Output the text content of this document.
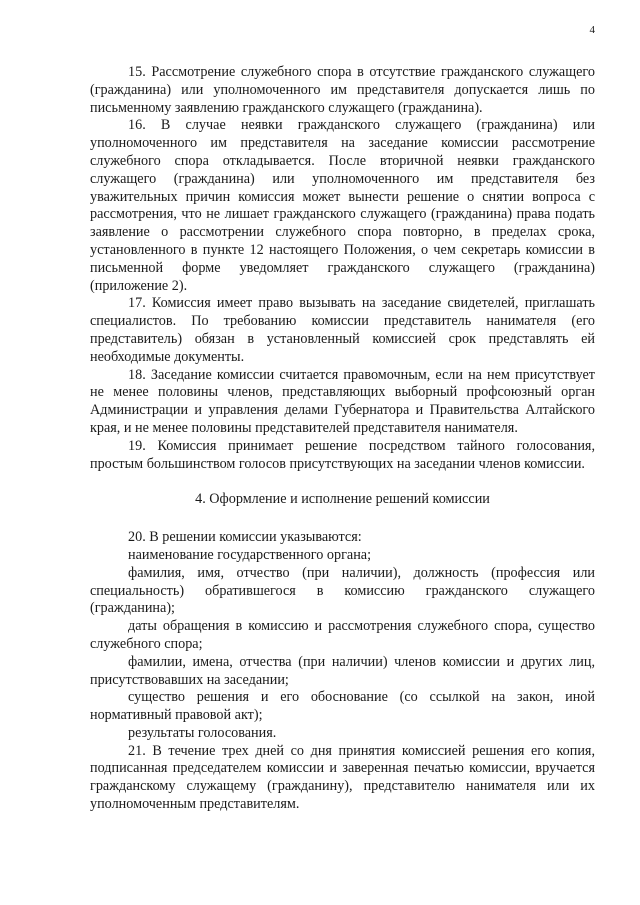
4

15. Рассмотрение служебного спора в отсутствие гражданского служащего (гражданина) или уполномоченного им представителя допускается лишь по письменному заявлению гражданского служащего (гражданина).

16. В случае неявки гражданского служащего (гражданина) или уполномоченного им представителя на заседание комиссии рассмотрение служебного спора откладывается. После вторичной неявки гражданского служащего (гражданина) или уполномоченного им представителя без уважительных причин комиссия может вынести решение о снятии вопроса с рассмотрения, что не лишает гражданского служащего (гражданина) права подать заявление о рассмотрении служебного спора повторно, в пределах срока, установленного в пункте 12 настоящего Положения, о чем секретарь комиссии в письменной форме уведомляет гражданского служащего (гражданина) (приложение 2).

17. Комиссия имеет право вызывать на заседание свидетелей, приглашать специалистов. По требованию комиссии представитель нанимателя (его представитель) обязан в установленный комиссией срок представлять ей необходимые документы.

18. Заседание комиссии считается правомочным, если на нем присутствует не менее половины членов, представляющих выборный профсоюзный орган Администрации и управления делами Губернатора и Правительства Алтайского края, и не менее половины представителей представителя нанимателя.

19. Комиссия принимает решение посредством тайного голосования, простым большинством голосов присутствующих на заседании членов комиссии.

4. Оформление и исполнение решений комиссии

20. В решении комиссии указываются:

наименование государственного органа;

фамилия, имя, отчество (при наличии), должность (профессия или специальность) обратившегося в комиссию гражданского служащего (гражданина);

даты обращения в комиссию и рассмотрения служебного спора, существо служебного спора;

фамилии, имена, отчества (при наличии) членов комиссии и других лиц, присутствовавших на заседании;

существо решения и его обоснование (со ссылкой на закон, иной нормативный правовой акт);

результаты голосования.

21. В течение трех дней со дня принятия комиссией решения его копия, подписанная председателем комиссии и заверенная печатью комиссии, вручается гражданскому служащему (гражданину), представителю нанимателя или их уполномоченным представителям.
